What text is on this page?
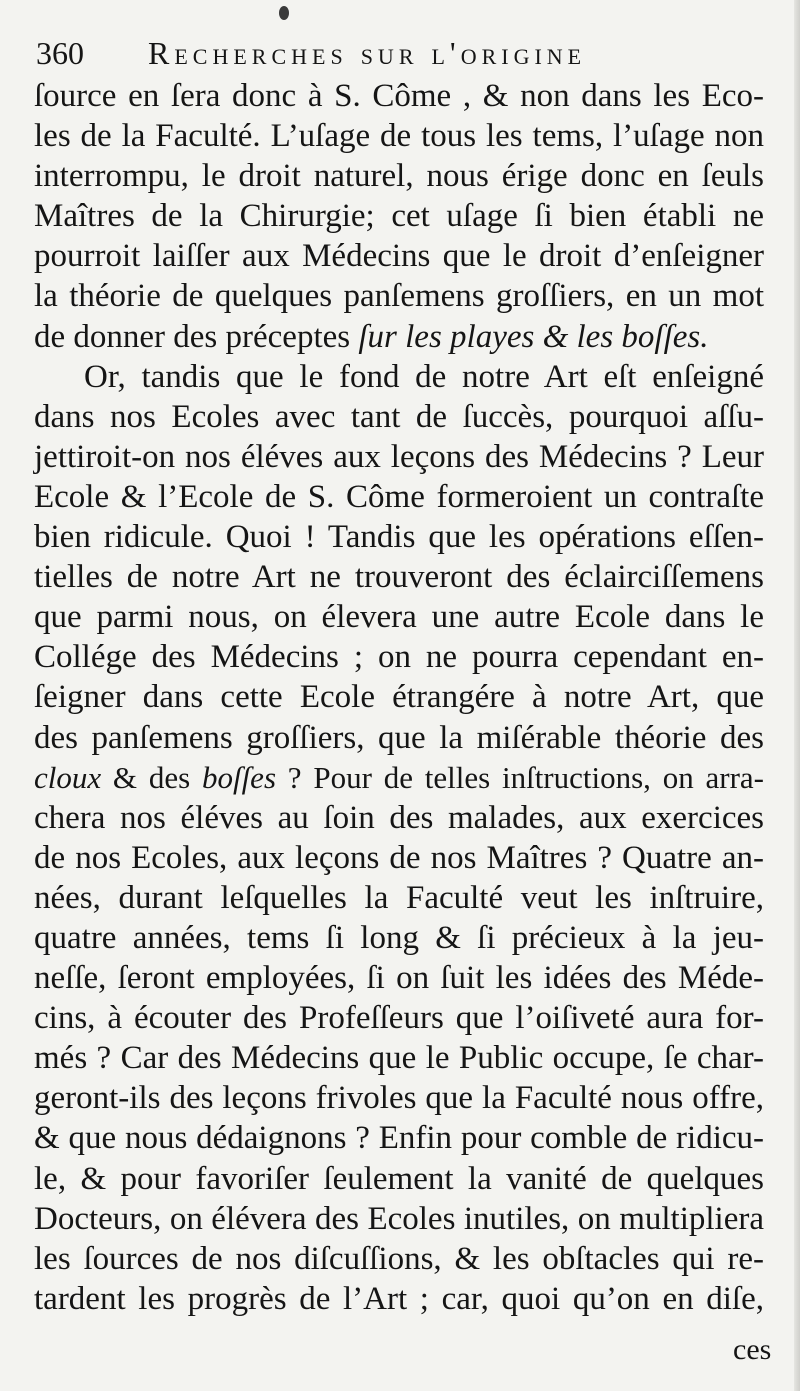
360 Recherches sur l'origine
ſource en ſera donc à S. Côme , & non dans les Eco-
les de la Faculté. L’uſage de tous les tems, l’uſage non
interrompu, le droit naturel, nous érige donc en ſeuls
Maîtres de la Chirurgie; cet uſage ſi bien établi ne
pourroit laiſſer aux Médecins que le droit d’enſeigner
la théorie de quelques panſemens groſſiers, en un mot
de donner des préceptes ſur les playes & les boſſes.
Or, tandis que le fond de notre Art eſt enſeigné
dans nos Ecoles avec tant de ſuccès, pourquoi aſſu-
jettiroit-on nos éléves aux leçons des Médecins ? Leur
Ecole & l’Ecole de S. Côme formeroient un contraſte
bien ridicule. Quoi ! Tandis que les opérations eſſen-
tielles de notre Art ne trouveront des éclairciſſemens
que parmi nous, on élevera une autre Ecole dans le
Collége des Médecins ; on ne pourra cependant en-
ſeigner dans cette Ecole étrangére à notre Art, que
des panſemens groſſiers, que la miſérable théorie des
cloux & des boſſes ? Pour de telles inſtructions, on arra-
chera nos éléves au ſoin des malades, aux exercices
de nos Ecoles, aux leçons de nos Maîtres ? Quatre an-
nées, durant leſquelles la Faculté veut les inſtruire,
quatre années, tems ſi long & ſi précieux à la jeu-
neſſe, ſeront employées, ſi on ſuit les idées des Méde-
cins, à écouter des Profeſſeurs que l’oiſiveté aura for-
més ? Car des Médecins que le Public occupe, ſe char-
geront-ils des leçons frivoles que la Faculté nous offre,
& que nous dédaignons ? Enfin pour comble de ridicu-
le, & pour favoriſer ſeulement la vanité de quelques
Docteurs, on élévera des Ecoles inutiles, on multipliera
les ſources de nos diſcuſſions, & les obſtacles qui re-
tardent les progrès de l’Art ; car, quoi qu’on en diſe,
ces
